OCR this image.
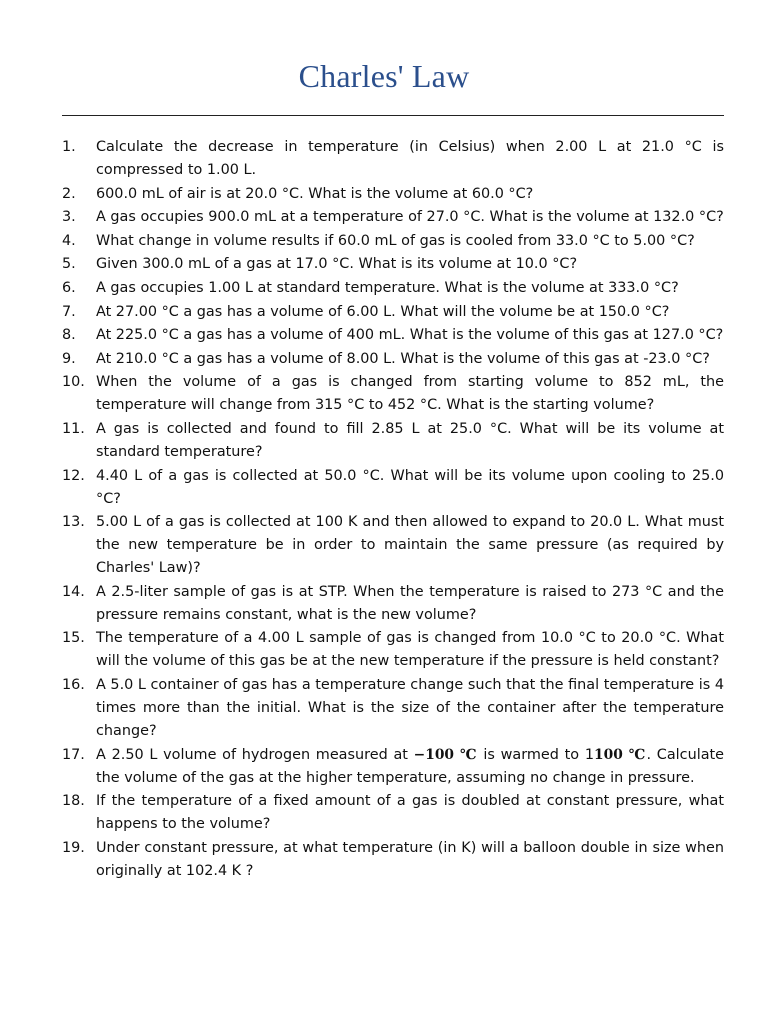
Charles' Law
1.	Calculate the decrease in temperature (in Celsius) when 2.00 L at 21.0 °C is compressed to 1.00 L.
2.	600.0 mL of air is at 20.0 °C. What is the volume at 60.0 °C?
3.	A gas occupies 900.0 mL at a temperature of 27.0 °C. What is the volume at 132.0 °C?
4.	What change in volume results if 60.0 mL of gas is cooled from 33.0 °C to 5.00 °C?
5.	Given 300.0 mL of a gas at 17.0 °C. What is its volume at 10.0 °C?
6.	A gas occupies 1.00 L at standard temperature. What is the volume at 333.0 °C?
7.	At 27.00 °C a gas has a volume of 6.00 L. What will the volume be at 150.0 °C?
8.	At 225.0 °C a gas has a volume of 400 mL. What is the volume of this gas at 127.0 °C?
9.	At 210.0 °C a gas has a volume of 8.00 L. What is the volume of this gas at -23.0 °C?
10. When the volume of a gas is changed from starting volume to 852 mL, the temperature will change from 315 °C to 452 °C. What is the starting volume?
11. A gas is collected and found to fill 2.85 L at 25.0 °C. What will be its volume at standard temperature?
12. 4.40 L of a gas is collected at 50.0 °C. What will be its volume upon cooling to 25.0 °C?
13. 5.00 L of a gas is collected at 100 K and then allowed to expand to 20.0 L. What must the new temperature be in order to maintain the same pressure (as required by Charles' Law)?
14. A 2.5-liter sample of gas is at STP. When the temperature is raised to 273 °C and the pressure remains constant, what is the new volume?
15. The temperature of a 4.00 L sample of gas is changed from 10.0 °C to 20.0 °C. What will the volume of this gas be at the new temperature if the pressure is held constant?
16. A 5.0 L container of gas has a temperature change such that the final temperature is 4 times more than the initial. What is the size of the container after the temperature change?
17. A 2.50 L volume of hydrogen measured at −100 ℃ is warmed to 1100 ℃. Calculate the volume of the gas at the higher temperature, assuming no change in pressure.
18. If the temperature of a fixed amount of a gas is doubled at constant pressure, what happens to the volume?
19. Under constant pressure, at what temperature (in K) will a balloon double in size when originally at 102.4 K ?
